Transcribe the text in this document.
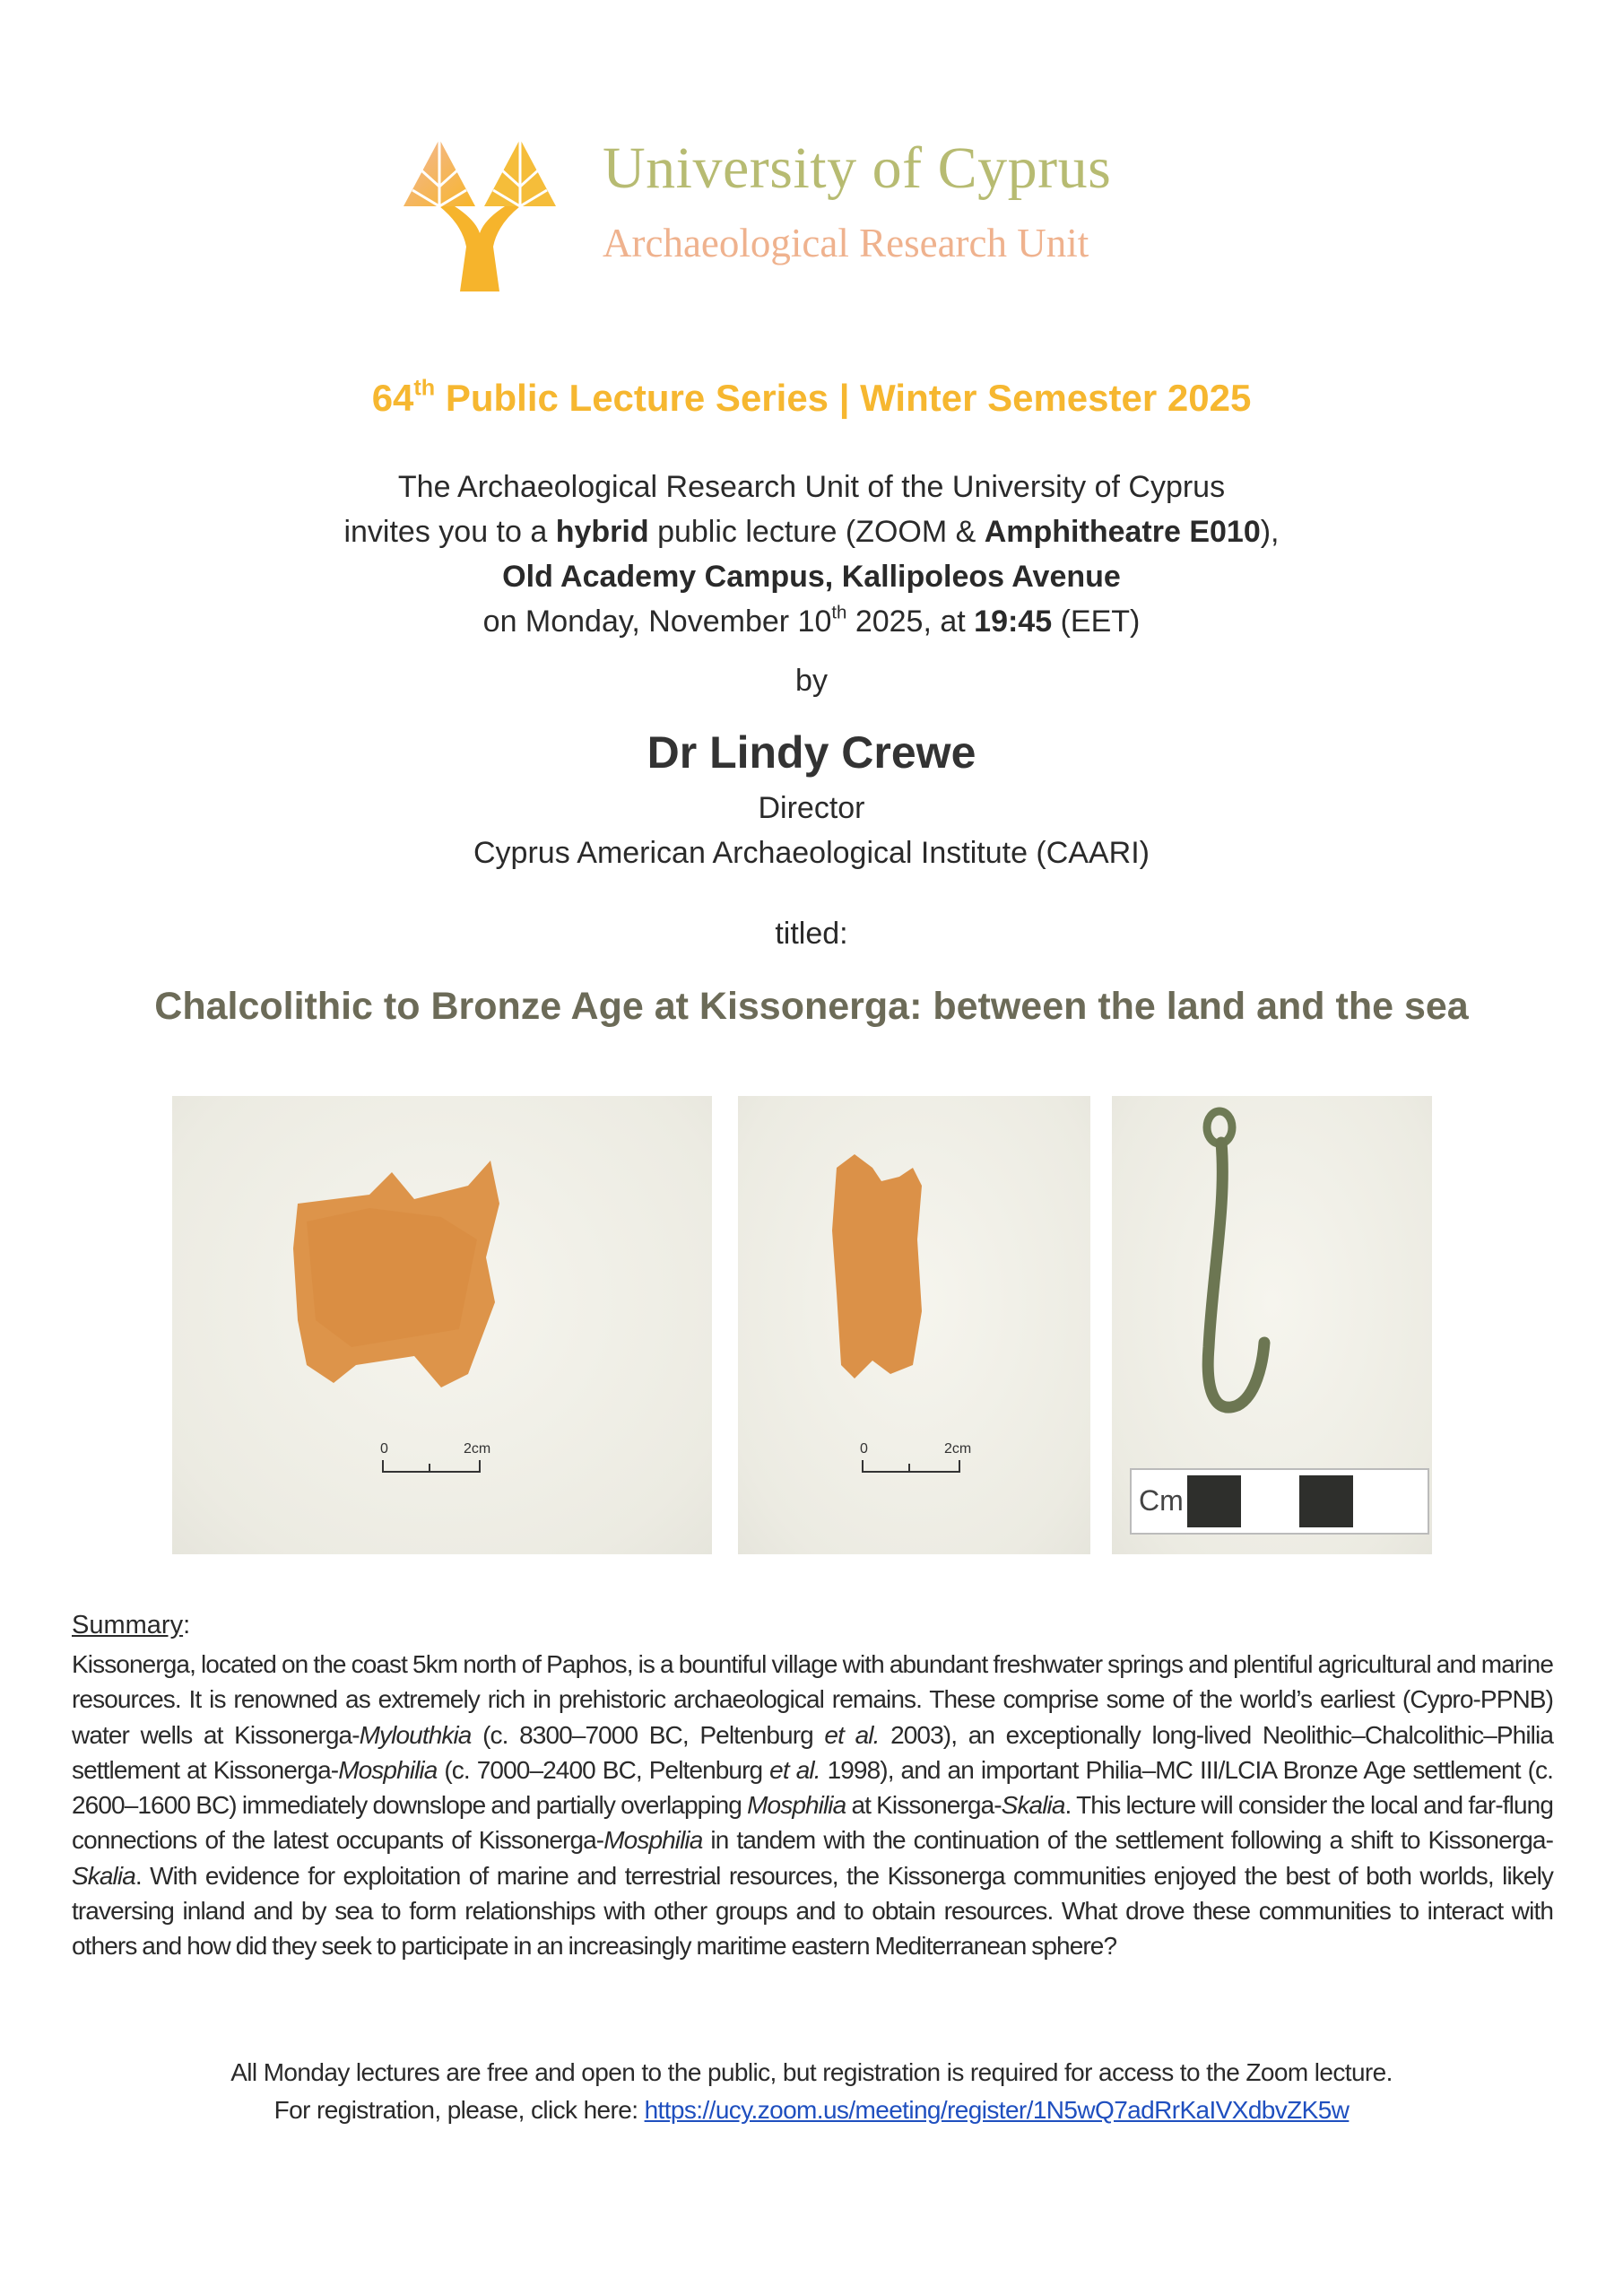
University of Cyprus
Archaeological Research Unit
64th Public Lecture Series | Winter Semester 2025
The Archaeological Research Unit of the University of Cyprus
invites you to a hybrid public lecture (ZOOM & Amphitheatre E010),
Old Academy Campus, Kallipoleos Avenue
on Monday, November 10th 2025, at 19:45 (EET)
by
Dr Lindy Crewe
Director
Cyprus American Archaeological Institute (CAARI)
titled:
Chalcolithic to Bronze Age at Kissonerga: between the land and the sea
0	2cm	0	2cm
Cm
Summary:
Kissonerga, located on the coast 5km north of Paphos, is a bountiful village with abundant freshwater springs and plentiful agricultural and marine resources. It is renowned as extremely rich in prehistoric archaeological remains. These comprise some of the world’s earliest (Cypro-PPNB) water wells at Kissonerga-Mylouthkia (c. 8300–7000 BC, Peltenburg et al. 2003), an exceptionally long-lived Neolithic–Chalcolithic–Philia settlement at Kissonerga-Mosphilia (c. 7000–2400 BC, Peltenburg et al. 1998), and an important Philia–MC III/LCIA Bronze Age settlement (c. 2600–1600 BC) immediately downslope and partially overlapping Mosphilia at Kissonerga-Skalia. This lecture will consider the local and far-flung connections of the latest occupants of Kissonerga-Mosphilia in tandem with the continuation of the settlement following a shift to Kissonerga-Skalia. With evidence for exploitation of marine and terrestrial resources, the Kissonerga communities enjoyed the best of both worlds, likely traversing inland and by sea to form relationships with other groups and to obtain resources. What drove these communities to interact with others and how did they seek to participate in an increasingly maritime eastern Mediterranean sphere?
All Monday lectures are free and open to the public, but registration is required for access to the Zoom lecture.
For registration, please, click here: https://ucy.zoom.us/meeting/register/1N5wQ7adRrKaIVXdbvZK5w
